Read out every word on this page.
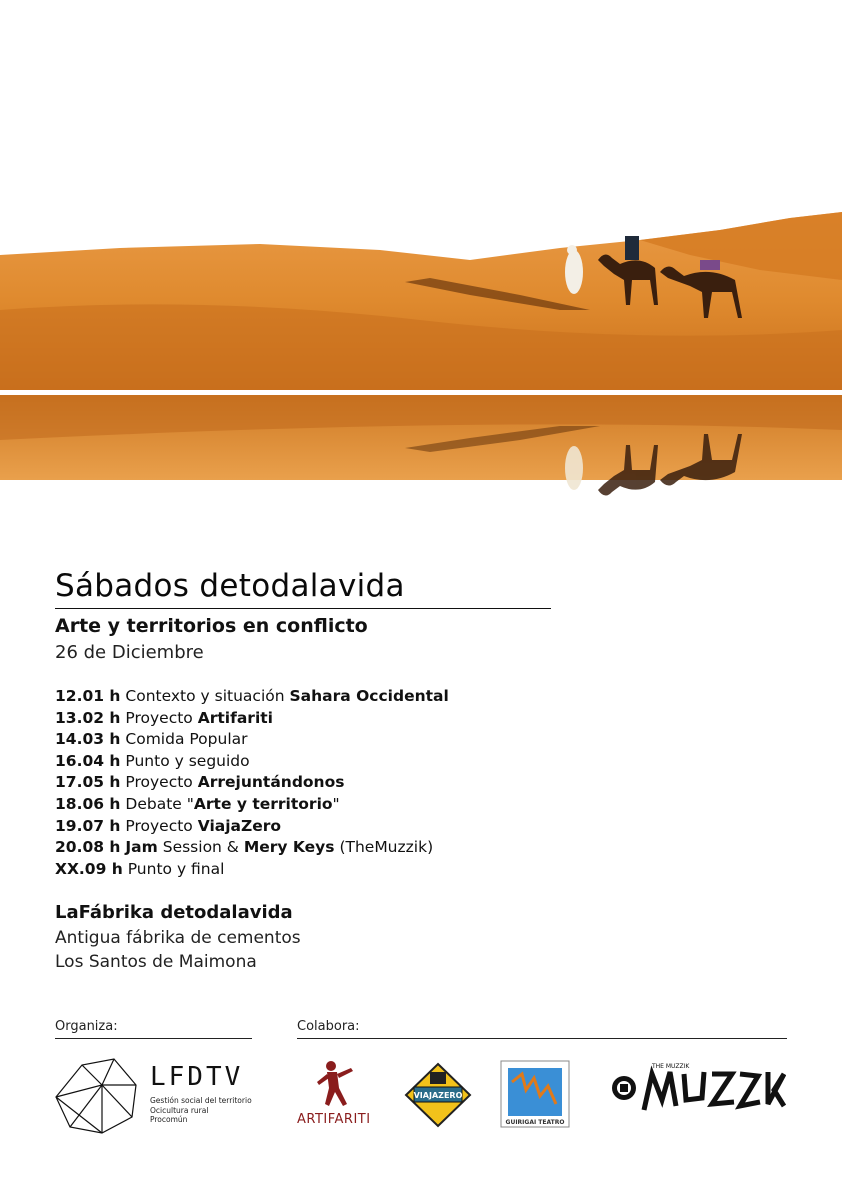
Sábados detodalavida
Arte y territorios en conflicto
26 de Diciembre
12.01 h Contexto y situación Sahara Occidental
13.02 h Proyecto Artifariti
14.03 h Comida Popular
16.04 h Punto y seguido
17.05 h Proyecto Arrejuntándonos
18.06 h Debate "Arte y territorio"
19.07 h Proyecto ViajaZero
20.08 h Jam Session & Mery Keys (TheMuzzik)
XX.09 h Punto y final
LaFábrika detodalavida
Antigua fábrika de cementos
Los Santos de Maimona
Organiza:	Colabora:
LFDTV
Gestión social del territorio
Ocicultura rural
Procomún	ARTIFARITI
VIAJAZERO
GUIRIGAI TEATRO
THE MUZZIK
